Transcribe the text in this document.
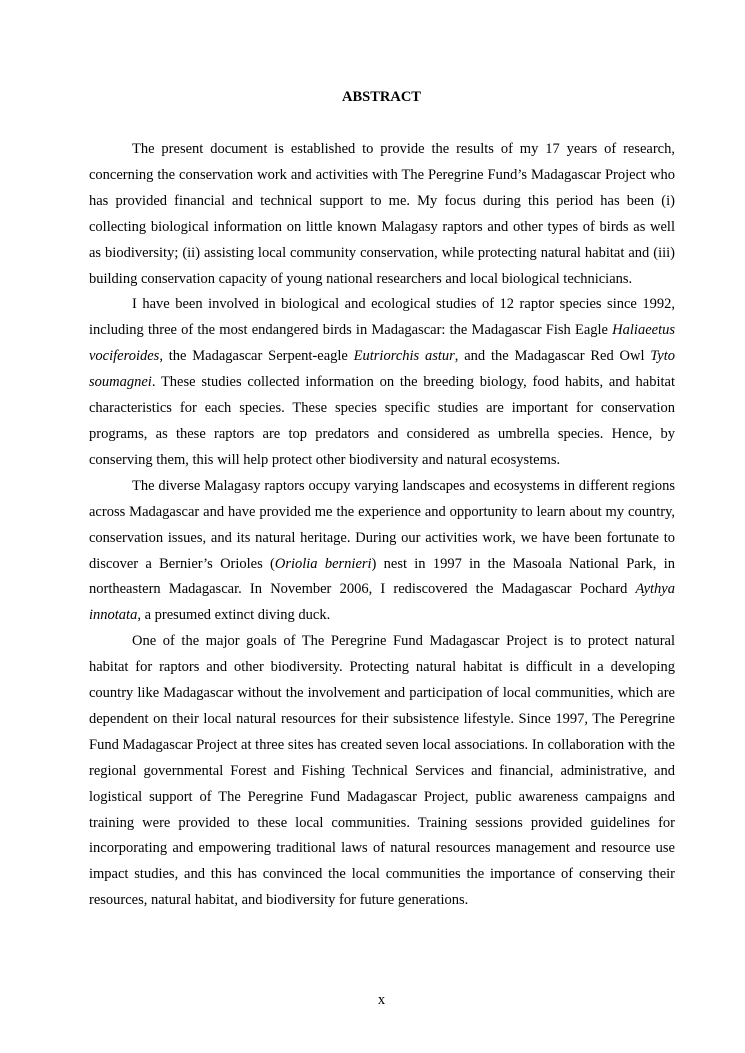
ABSTRACT

The present document is established to provide the results of my 17 years of research, concerning the conservation work and activities with The Peregrine Fund’s Madagascar Project who has provided financial and technical support to me. My focus during this period has been (i) collecting biological information on little known Malagasy raptors and other types of birds as well as biodiversity; (ii) assisting local community conservation, while protecting natural habitat and (iii) building conservation capacity of young national researchers and local biological technicians.

I have been involved in biological and ecological studies of 12 raptor species since 1992, including three of the most endangered birds in Madagascar: the Madagascar Fish Eagle Haliaeetus vociferoides, the Madagascar Serpent-eagle Eutriorchis astur, and the Madagascar Red Owl Tyto soumagnei. These studies collected information on the breeding biology, food habits, and habitat characteristics for each species. These species specific studies are important for conservation programs, as these raptors are top predators and considered as umbrella species. Hence, by conserving them, this will help protect other biodiversity and natural ecosystems.

The diverse Malagasy raptors occupy varying landscapes and ecosystems in different regions across Madagascar and have provided me the experience and opportunity to learn about my country, conservation issues, and its natural heritage. During our activities work, we have been fortunate to discover a Bernier’s Orioles (Oriolia bernieri) nest in 1997 in the Masoala National Park, in northeastern Madagascar. In November 2006, I rediscovered the Madagascar Pochard Aythya innotata, a presumed extinct diving duck.

One of the major goals of The Peregrine Fund Madagascar Project is to protect natural habitat for raptors and other biodiversity. Protecting natural habitat is difficult in a developing country like Madagascar without the involvement and participation of local communities, which are dependent on their local natural resources for their subsistence lifestyle. Since 1997, The Peregrine Fund Madagascar Project at three sites has created seven local associations. In collaboration with the regional governmental Forest and Fishing Technical Services and financial, administrative, and logistical support of The Peregrine Fund Madagascar Project, public awareness campaigns and training were provided to these local communities. Training sessions provided guidelines for incorporating and empowering traditional laws of natural resources management and resource use impact studies, and this has convinced the local communities the importance of conserving their resources, natural habitat, and biodiversity for future generations.

x
